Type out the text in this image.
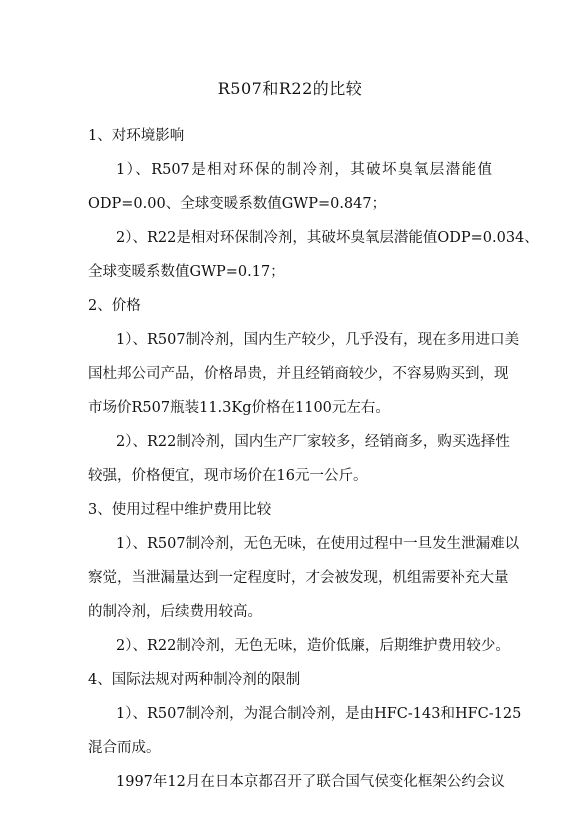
R507和R22的比较
1、对环境影响
1）、R507是相对环保的制冷剂，其破坏臭氧层潜能值
ODP=0.00、全球变暖系数值GWP=0.847；
2）、R22是相对环保制冷剂，其破坏臭氧层潜能值ODP=0.034、
全球变暖系数值GWP=0.17；
2、价格
1）、R507制冷剂，国内生产较少，几乎没有，现在多用进口美
国杜邦公司产品，价格昂贵，并且经销商较少，不容易购买到，现
市场价R507瓶装11.3Kg价格在1100元左右。
2）、R22制冷剂，国内生产厂家较多，经销商多，购买选择性
较强，价格便宜，现市场价在16元一公斤。
3、使用过程中维护费用比较
1）、R507制冷剂，无色无味，在使用过程中一旦发生泄漏难以
察觉，当泄漏量达到一定程度时，才会被发现，机组需要补充大量
的制冷剂，后续费用较高。
2）、R22制冷剂，无色无味，造价低廉，后期维护费用较少。
4、国际法规对两种制冷剂的限制
1）、R507制冷剂，为混合制冷剂，是由HFC-143和HFC-125
混合而成。
1997年12月在日本京都召开了联合国气侯变化框架公约会议
